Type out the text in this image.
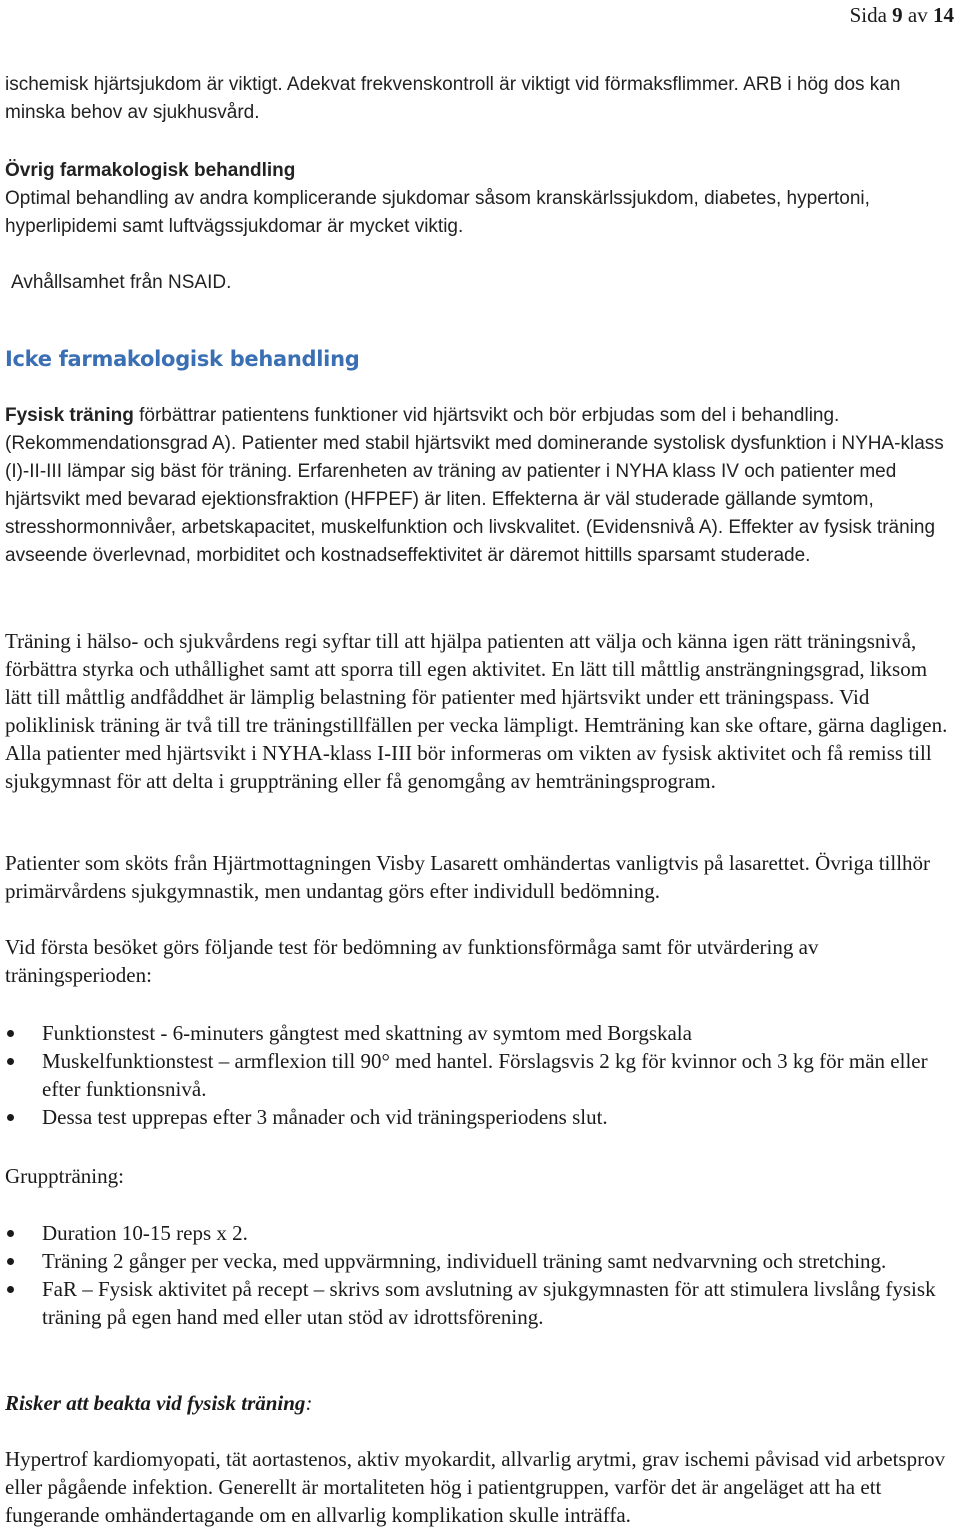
Sida 9 av 14

ischemisk hjärtsjukdom är viktigt. Adekvat frekvenskontroll är viktigt vid förmaksflimmer. ARB i hög dos kan minska behov av sjukhusvård.

Övrig farmakologisk behandling

Optimal behandling av andra komplicerande sjukdomar såsom kranskärlssjukdom, diabetes, hypertoni, hyperlipidemi samt luftvägssjukdomar är mycket viktig.

Avhållsamhet från NSAID.

Icke farmakologisk behandling

Fysisk träning förbättrar patientens funktioner vid hjärtsvikt och bör erbjudas som del i behandling. (Rekommendationsgrad A). Patienter med stabil hjärtsvikt med dominerande systolisk dysfunktion i NYHA-klass (I)-II-III lämpar sig bäst för träning. Erfarenheten av träning av patienter i NYHA klass IV och patienter med hjärtsvikt med bevarad ejektionsfraktion (HFPEF) är liten. Effekterna är väl studerade gällande symtom, stresshormonnivåer, arbetskapacitet, muskelfunktion och livskvalitet. (Evidensnivå A). Effekter av fysisk träning avseende överlevnad, morbiditet och kostnadseffektivitet är däremot hittills sparsamt studerade.

Träning i hälso- och sjukvårdens regi syftar till att hjälpa patienten att välja och känna igen rätt träningsnivå, förbättra styrka och uthållighet samt att sporra till egen aktivitet. En lätt till måttlig ansträngningsgrad, liksom lätt till måttlig andfåddhet är lämplig belastning för patienter med hjärtsvikt under ett träningspass. Vid poliklinisk träning är två till tre träningstillfällen per vecka lämpligt. Hemträning kan ske oftare, gärna dagligen. Alla patienter med hjärtsvikt i NYHA-klass I-III bör informeras om vikten av fysisk aktivitet och få remiss till sjukgymnast för att delta i gruppträning eller få genomgång av hemträningsprogram.

Patienter som sköts från Hjärtmottagningen Visby Lasarett omhändertas vanligtvis på lasarettet. Övriga tillhör primärvårdens sjukgymnastik, men undantag görs efter individull bedömning.

Vid första besöket görs följande test för bedömning av funktionsförmåga samt för utvärdering av träningsperioden:

Funktionstest - 6-minuters gångtest med skattning av symtom med Borgskala
Muskelfunktionstest – armflexion till 90° med hantel. Förslagsvis 2 kg för kvinnor och 3 kg för män eller efter funktionsnivå.
Dessa test upprepas efter 3 månader och vid träningsperiodens slut.

Gruppträning:

Duration 10-15 reps x 2.
Träning 2 gånger per vecka, med uppvärmning, individuell träning samt nedvarvning och stretching.
FaR – Fysisk aktivitet på recept – skrivs som avslutning av sjukgymnasten för att stimulera livslång fysisk träning på egen hand med eller utan stöd av idrottsförening.

Risker att beakta vid fysisk träning:

Hypertrof kardiomyopati, tät aortastenos, aktiv myokardit, allvarlig arytmi, grav ischemi påvisad vid arbetsprov eller pågående infektion. Generellt är mortaliteten hög i patientgruppen, varför det är angeläget att ha ett fungerande omhändertagande om en allvarlig komplikation skulle inträffa.
